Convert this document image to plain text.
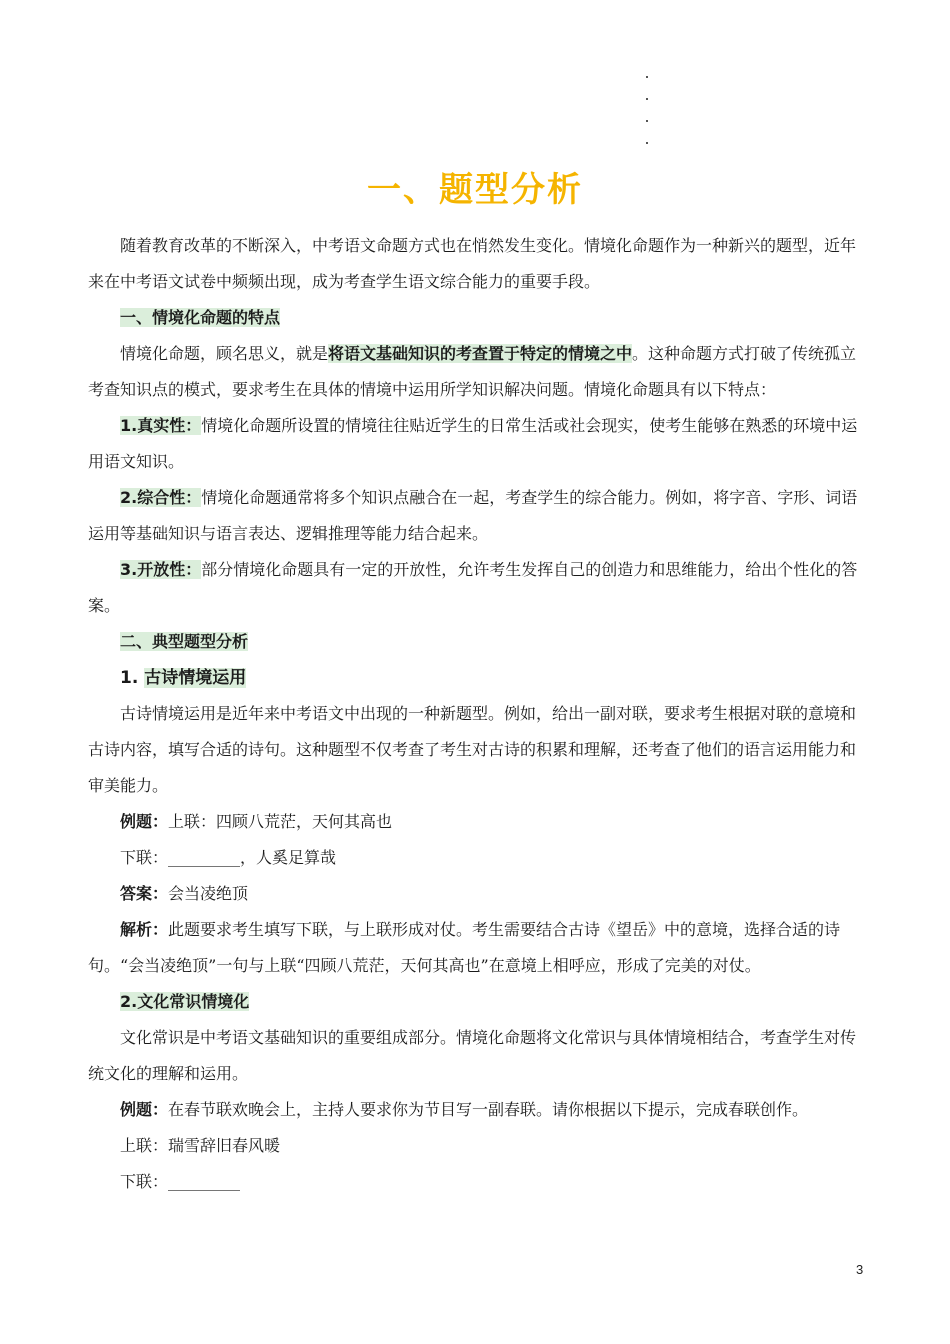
一、题型分析

随着教育改革的不断深入，中考语文命题方式也在悄然发生变化。情境化命题作为一种新兴的题型，近年来在中考语文试卷中频频出现，成为考查学生语文综合能力的重要手段。

一、情境化命题的特点

情境化命题，顾名思义，就是将语文基础知识的考查置于特定的情境之中。这种命题方式打破了传统孤立考查知识点的模式，要求考生在具体的情境中运用所学知识解决问题。情境化命题具有以下特点：

1.真实性：情境化命题所设置的情境往往贴近学生的日常生活或社会现实，使考生能够在熟悉的环境中运用语文知识。

2.综合性：情境化命题通常将多个知识点融合在一起，考查学生的综合能力。例如，将字音、字形、词语运用等基础知识与语言表达、逻辑推理等能力结合起来。

3.开放性：部分情境化命题具有一定的开放性，允许考生发挥自己的创造力和思维能力，给出个性化的答案。

二、典型题型分析

1. 古诗情境运用

古诗情境运用是近年来中考语文中出现的一种新题型。例如，给出一副对联，要求考生根据对联的意境和古诗内容，填写合适的诗句。这种题型不仅考查了考生对古诗的积累和理解，还考查了他们的语言运用能力和审美能力。

例题：上联：四顾八荒茫，天何其高也

下联：_________，人奚足算哉

答案：会当凌绝顶

解析：此题要求考生填写下联，与上联形成对仗。考生需要结合古诗《望岳》中的意境，选择合适的诗句。“会当凌绝顶”一句与上联“四顾八荒茫，天何其高也”在意境上相呼应，形成了完美的对仗。

2.文化常识情境化

文化常识是中考语文基础知识的重要组成部分。情境化命题将文化常识与具体情境相结合，考查学生对传统文化的理解和运用。

例题：在春节联欢晚会上，主持人要求你为节目写一副春联。请你根据以下提示，完成春联创作。

上联：瑞雪辞旧春风暖

下联：_________

3
